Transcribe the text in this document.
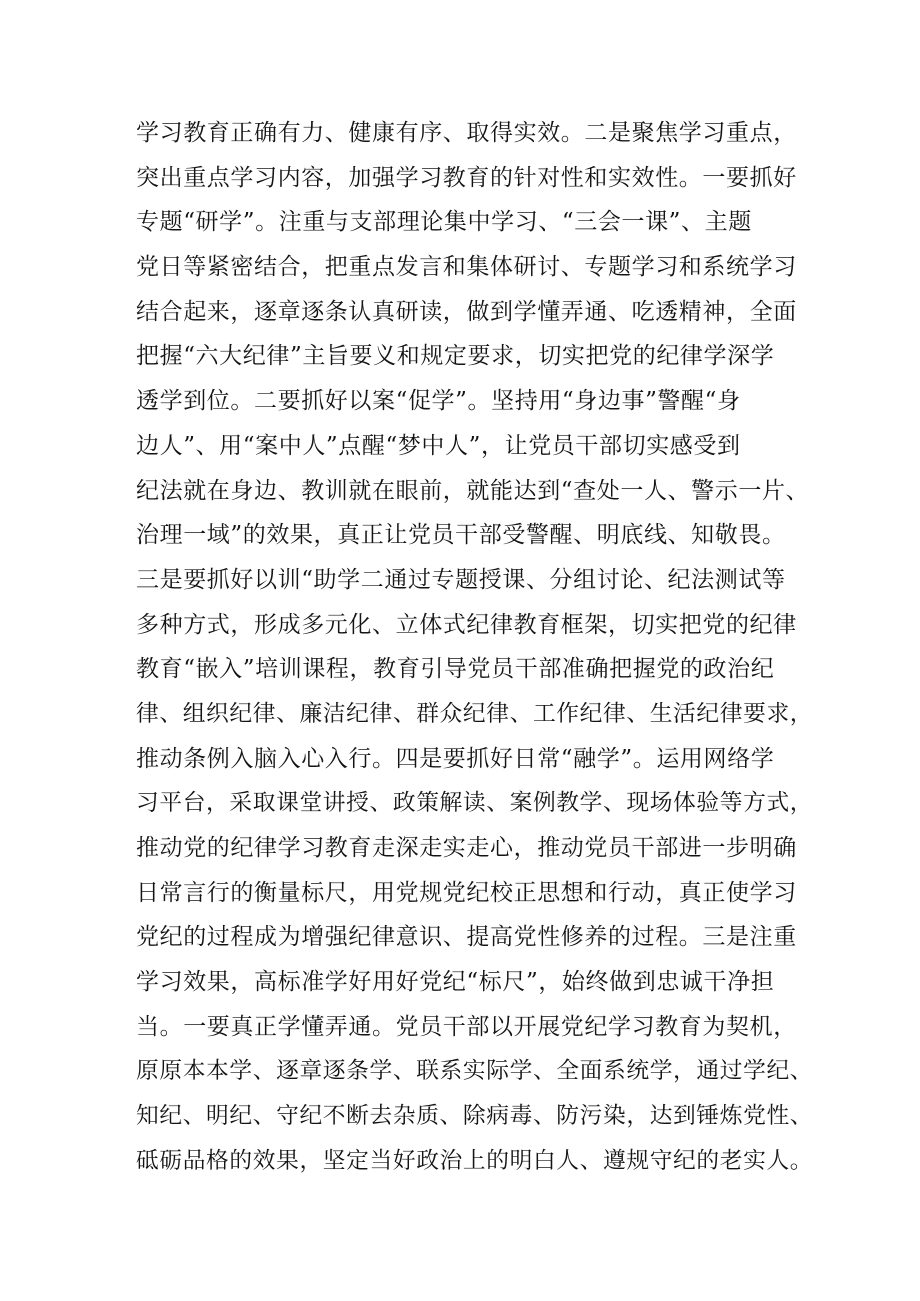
学习教育正确有力、健康有序、取得实效。二是聚焦学习重点，
突出重点学习内容，加强学习教育的针对性和实效性。一要抓好
专题“研学”。注重与支部理论集中学习、“三会一课”、主题
党日等紧密结合，把重点发言和集体研讨、专题学习和系统学习
结合起来，逐章逐条认真研读，做到学懂弄通、吃透精神，全面
把握“六大纪律”主旨要义和规定要求，切实把党的纪律学深学
透学到位。二要抓好以案“促学”。坚持用“身边事”警醒“身
边人”、用“案中人”点醒“梦中人”，让党员干部切实感受到
纪法就在身边、教训就在眼前，就能达到“查处一人、警示一片、
治理一域”的效果，真正让党员干部受警醒、明底线、知敬畏。
三是要抓好以训“助学二通过专题授课、分组讨论、纪法测试等
多种方式，形成多元化、立体式纪律教育框架，切实把党的纪律
教育“嵌入”培训课程，教育引导党员干部准确把握党的政治纪
律、组织纪律、廉洁纪律、群众纪律、工作纪律、生活纪律要求，
推动条例入脑入心入行。四是要抓好日常“融学”。运用网络学
习平台，采取课堂讲授、政策解读、案例教学、现场体验等方式，
推动党的纪律学习教育走深走实走心，推动党员干部进一步明确
日常言行的衡量标尺，用党规党纪校正思想和行动，真正使学习
党纪的过程成为增强纪律意识、提高党性修养的过程。三是注重
学习效果，高标准学好用好党纪“标尺”，始终做到忠诚干净担
当。一要真正学懂弄通。党员干部以开展党纪学习教育为契机，
原原本本学、逐章逐条学、联系实际学、全面系统学，通过学纪、
知纪、明纪、守纪不断去杂质、除病毒、防污染，达到锤炼党性、
砥砺品格的效果，坚定当好政治上的明白人、遵规守纪的老实人。
